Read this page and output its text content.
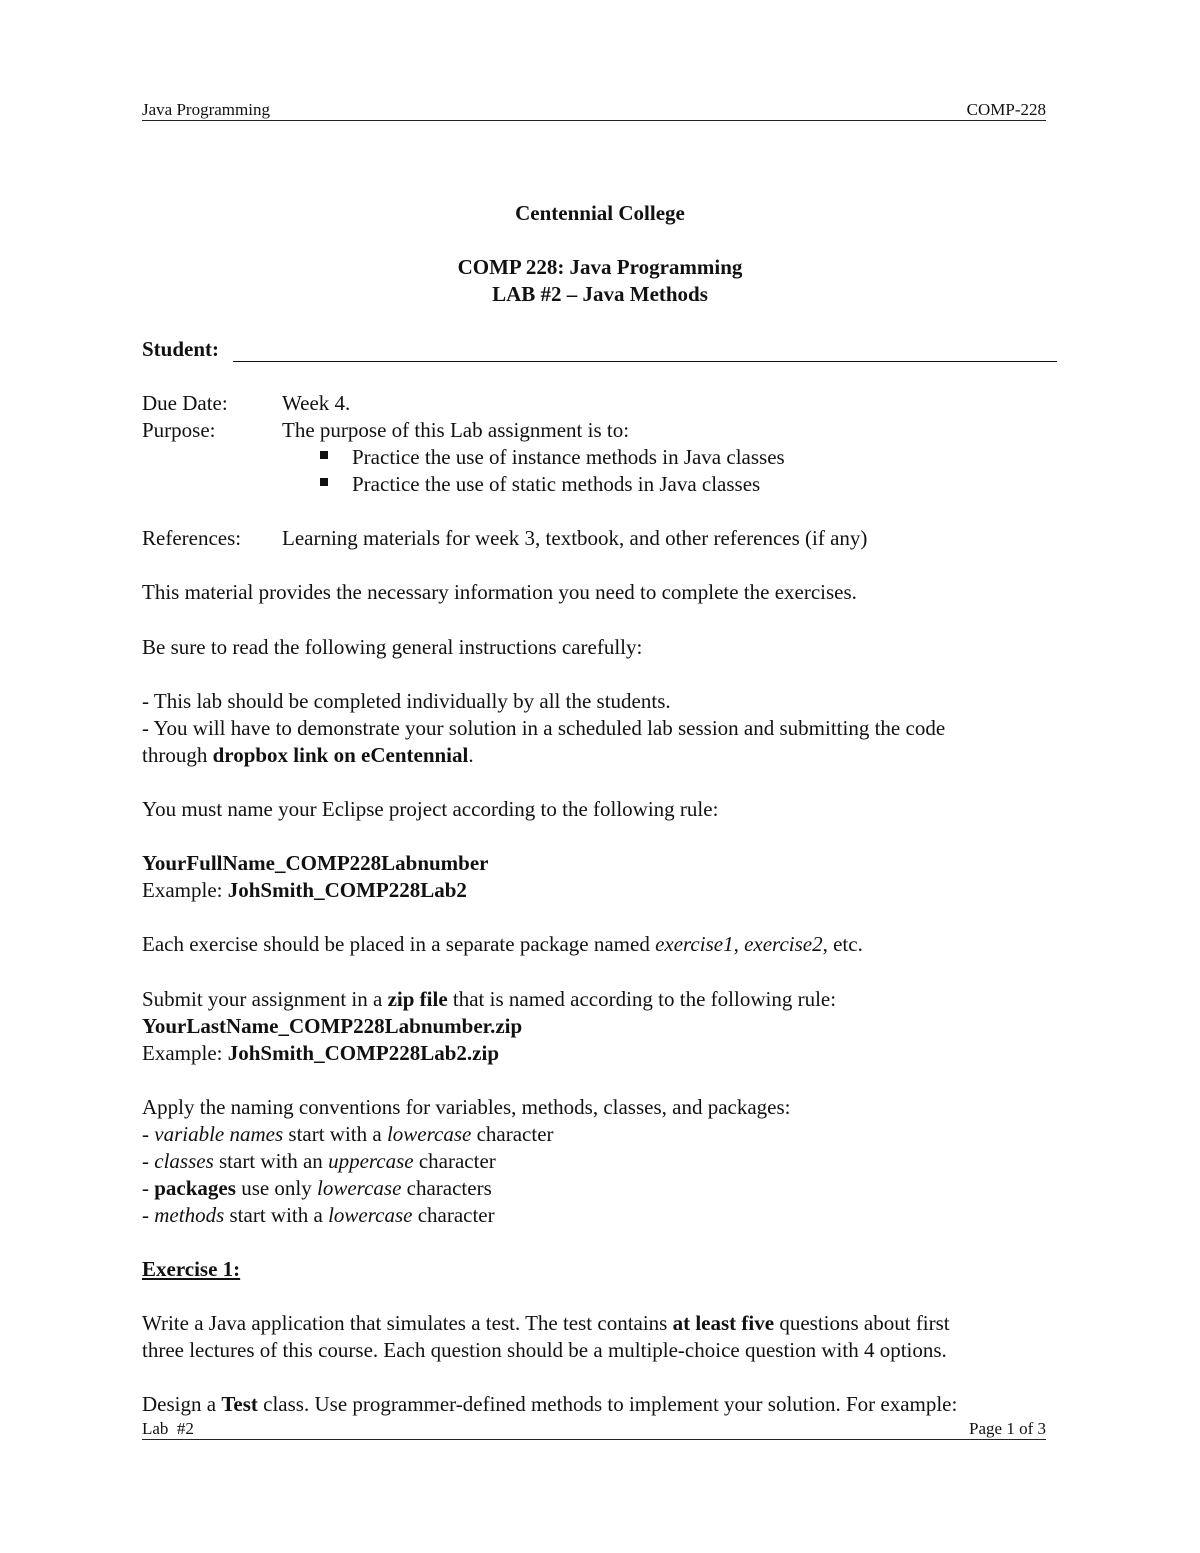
Java Programming	COMP-228

Centennial College

COMP 228: Java Programming

LAB #2 – Java Methods

Student:

Due Date:	Week 4.
Purpose:	The purpose of this Lab assignment is to:
Practice the use of instance methods in Java classes
Practice the use of static methods in Java classes
References: Learning materials for week 3, textbook, and other references (if any)

This material provides the necessary information you need to complete the exercises.

Be sure to read the following general instructions carefully:

- This lab should be completed individually by all the students.

- You will have to demonstrate your solution in a scheduled lab session and submitting the code

through dropbox link on eCentennial.

You must name your Eclipse project according to the following rule:

YourFullName_COMP228Labnumber

Example: JohSmith_COMP228Lab2

Each exercise should be placed in a separate package named exercise1, exercise2, etc.

Submit your assignment in a zip file that is named according to the following rule:

YourLastName_COMP228Labnumber.zip

Example: JohSmith_COMP228Lab2.zip

Apply the naming conventions for variables, methods, classes, and packages:

- variable names start with a lowercase character

- classes start with an uppercase character

- packages use only lowercase characters

- methods start with a lowercase character

Exercise 1:

Write a Java application that simulates a test. The test contains at least five questions about first

three lectures of this course. Each question should be a multiple-choice question with 4 options.

Design a Test class. Use programmer-defined methods to implement your solution. For example:

Lab  #2	Page 1 of 3
